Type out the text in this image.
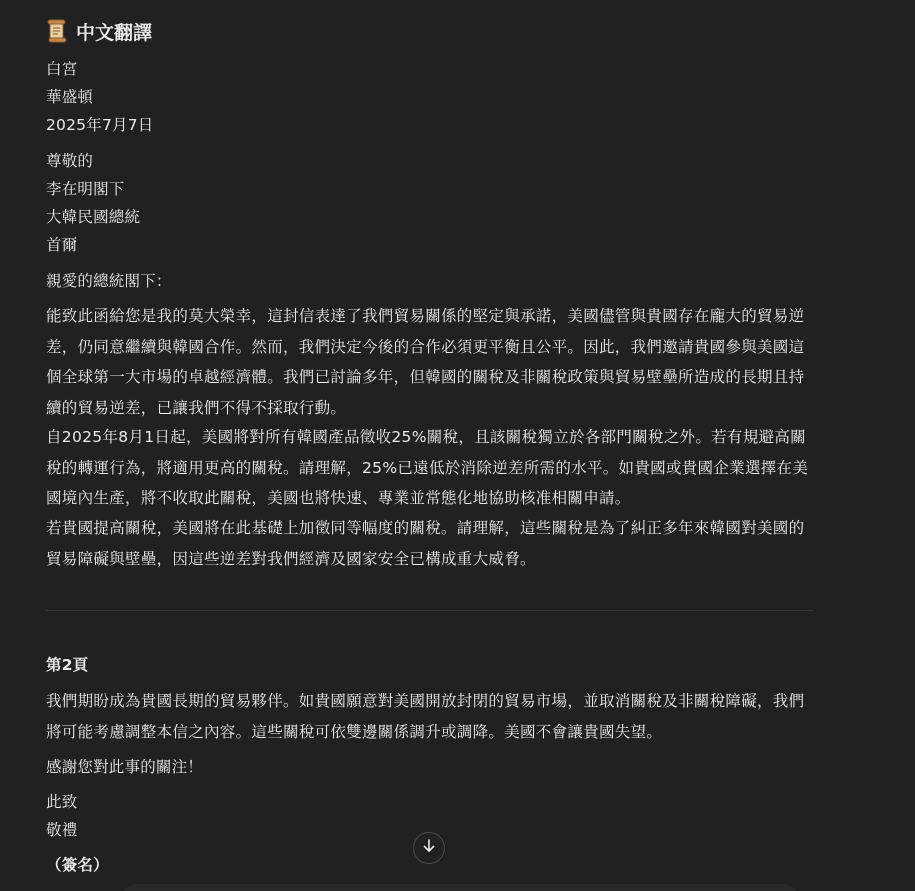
中文翻譯
白宮
華盛頓
2025年7月7日
尊敬的
李在明閣下
大韓民國總統
首爾
親愛的總統閣下：
能致此函給您是我的莫大榮幸，這封信表達了我們貿易關係的堅定與承諾，美國儘管與貴國存在龐大的貿易逆差，仍同意繼續與韓國合作。然而，我們決定今後的合作必須更平衡且公平。因此，我們邀請貴國參與美國這個全球第一大市場的卓越經濟體。我們已討論多年，但韓國的關稅及非關稅政策與貿易壁壘所造成的長期且持續的貿易逆差，已讓我們不得不採取行動。
自2025年8月1日起，美國將對所有韓國產品徵收25%關稅，且該關稅獨立於各部門關稅之外。若有規避高關稅的轉運行為，將適用更高的關稅。請理解，25%已遠低於消除逆差所需的水平。如貴國或貴國企業選擇在美國境內生產，將不收取此關稅，美國也將快速、專業並常態化地協助核准相關申請。
若貴國提高關稅，美國將在此基礎上加徵同等幅度的關稅。請理解，這些關稅是為了糾正多年來韓國對美國的貿易障礙與壁壘，因這些逆差對我們經濟及國家安全已構成重大威脅。
第2頁
我們期盼成為貴國長期的貿易夥伴。如貴國願意對美國開放封閉的貿易市場，並取消關稅及非關稅障礙，我們將可能考慮調整本信之內容。這些關稅可依雙邊關係調升或調降。美國不會讓貴國失望。
感謝您對此事的關注！
此致
敬禮
（簽名）
